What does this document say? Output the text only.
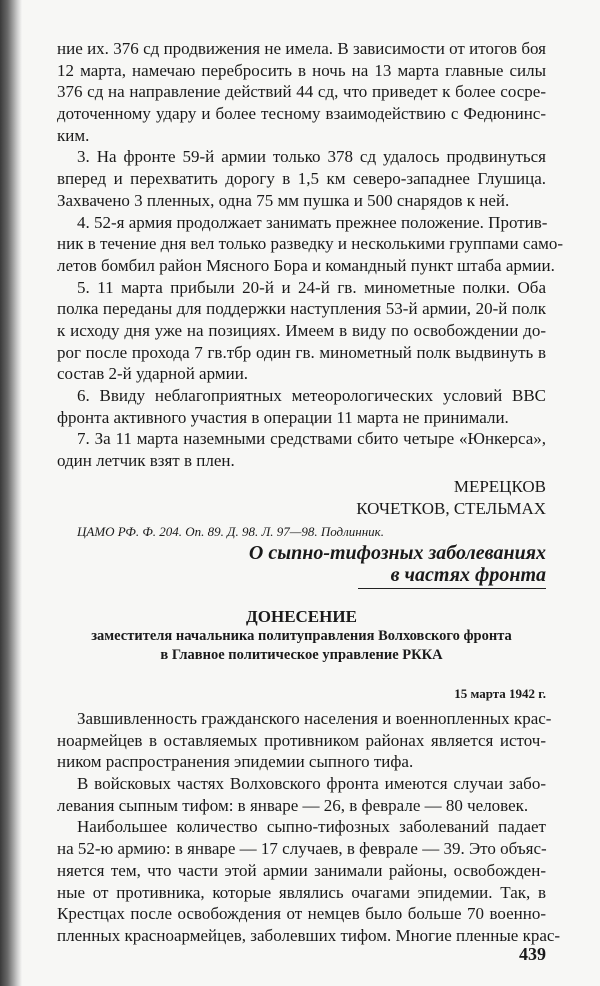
ние их. 376 сд продвижения не имела. В зависимости от итогов боя
12 марта, намечаю перебросить в ночь на 13 марта главные силы
376 сд на направление действий 44 сд, что приведет к более сосре-
доточенному удару и более тесному взаимодействию с Федюнинс-
ким.
3. На фронте 59-й армии только 378 сд удалось продвинуться
вперед и перехватить дорогу в 1,5 км северо-западнее Глушица.
Захвачено 3 пленных, одна 75 мм пушка и 500 снарядов к ней.
4. 52-я армия продолжает занимать прежнее положение. Против-
ник в течение дня вел только разведку и несколькими группами само-
летов бомбил район Мясного Бора и командный пункт штаба армии.
5. 11 марта прибыли 20-й и 24-й гв. минометные полки. Оба
полка переданы для поддержки наступления 53-й армии, 20-й полк
к исходу дня уже на позициях. Имеем в виду по освобождении до-
рог после прохода 7 гв.тбр один гв. минометный полк выдвинуть в
состав 2-й ударной армии.
6. Ввиду неблагоприятных метеорологических условий ВВС
фронта активного участия в операции 11 марта не принимали.
7. За 11 марта наземными средствами сбито четыре «Юнкерса»,
один летчик взят в плен.
МЕРЕЦКОВ
КОЧЕТКОВ, СТЕЛЬМАХ
ЦАМО РФ. Ф. 204. Оп. 89. Д. 98. Л. 97—98. Подлинник.
О сыпно-тифозных заболеваниях
в частях фронта
ДОНЕСЕНИЕ
заместителя начальника политуправления Волховского фронта
в Главное политическое управление РККА
15 марта 1942 г.
Завшивленность гражданского населения и военнопленных крас-
ноармейцев в оставляемых противником районах является источ-
ником распространения эпидемии сыпного тифа.
В войсковых частях Волховского фронта имеются случаи забо-
левания сыпным тифом: в январе — 26, в феврале — 80 человек.
Наибольшее количество сыпно-тифозных заболеваний падает
на 52-ю армию: в январе — 17 случаев, в феврале — 39. Это объяс-
няется тем, что части этой армии занимали районы, освобожден-
ные от противника, которые являлись очагами эпидемии. Так, в
Крестцах после освобождения от немцев было больше 70 военно-
пленных красноармейцев, заболевших тифом. Многие пленные крас-
439
